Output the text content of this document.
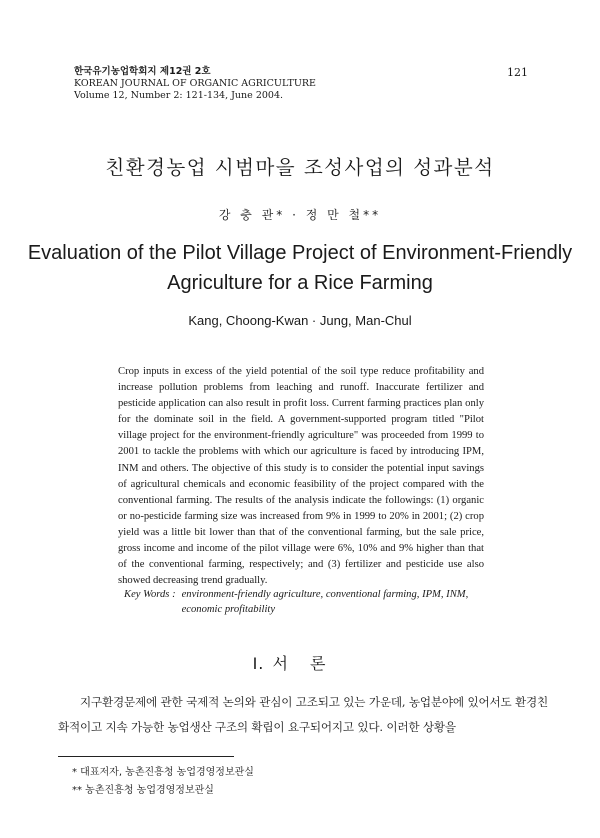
한국유기농업학회지 제12권 2호
KOREAN JOURNAL OF ORGANIC AGRICULTURE
Volume 12, Number 2: 121-134, June 2004.
121
친환경농업 시범마을 조성사업의 성과분석
강 충 관* · 정 만 철**
Evaluation of the Pilot Village Project of Environment-Friendly
Agriculture for a Rice Farming
Kang, Choong-Kwan · Jung, Man-Chul

Crop inputs in excess of the yield potential of the soil type reduce profitability and increase pollution problems from leaching and runoff. Inaccurate fertilizer and pesticide application can also result in profit loss. Current farming practices plan only for the dominate soil in the field. A government-supported program titled "Pilot village project for the environment-friendly agriculture" was proceeded from 1999 to 2001 to tackle the problems with which our agriculture is faced by introducing IPM, INM and others. The objective of this study is to consider the potential input savings of agricultural chemicals and economic feasibility of the project compared with the conventional farming. The results of the analysis indicate the followings: (1) organic or no-pesticide farming size was increased from 9% in 1999 to 20% in 2001; (2) crop yield was a little bit lower than that of the conventional farming, but the sale price, gross income and income of the pilot village were 6%, 10% and 9% higher than that of the conventional farming, respectively; and (3) fertilizer and pesticide use also showed decreasing trend gradually.

Key Words : environment-friendly agriculture, conventional farming, IPM, INM, economic profitability
Ⅰ. 서론

지구환경문제에 관한 국제적 논의와 관심이 고조되고 있는 가운데, 농업분야에 있어서도 환경친화적이고 지속 가능한 농업생산 구조의 확립이 요구되어지고 있다. 이러한 상황을

* 대표저자, 농촌진흥청 농업경영정보관실
** 농촌진흥청 농업경영정보관실
